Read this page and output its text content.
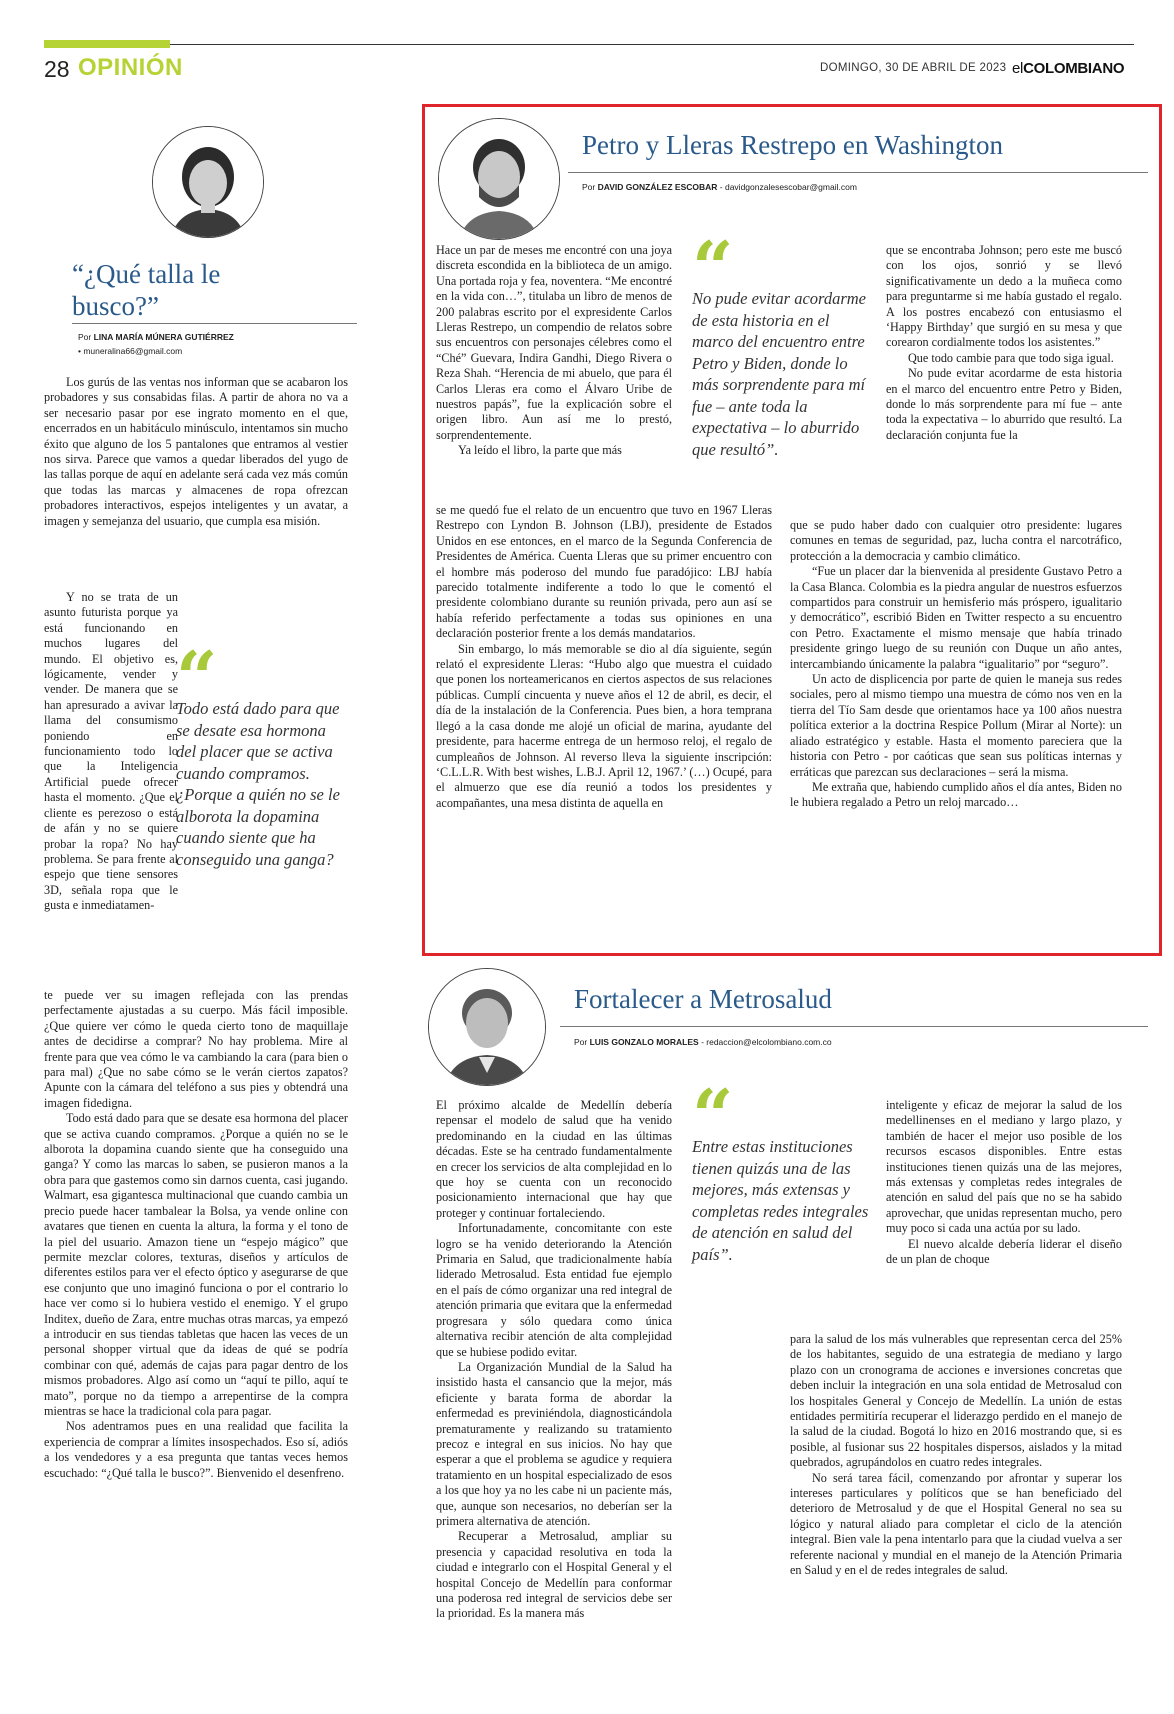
28 OPINIÓN	DOMINGO, 30 DE ABRIL DE 2023 elCOLOMBIANO
“¿Qué talla le
busco?”
Por LINA MARÍA MÚNERA GUTIÉRREZ
• muneralina66@gmail.com

Los gurús de las ventas nos informan que se acabaron los probadores y sus consabidas filas. A partir de ahora no va a ser necesario pasar por ese ingrato momento en el que, encerrados en un habitáculo minúsculo, intentamos sin mucho éxito que alguno de los 5 pantalones que entramos al vestier nos sirva. Parece que vamos a quedar liberados del yugo de las tallas porque de aquí en adelante será cada vez más común que todas las marcas y almacenes de ropa ofrezcan probadores interactivos, espejos inteligentes y un avatar, a imagen y semejanza del usuario, que cumpla esa misión.

Y no se trata de un asunto futurista porque ya está funcionando en muchos lugares del mundo. El objetivo es, lógicamente, vender y vender. De manera que se han apresurado a avivar la llama del consumismo poniendo en funcionamiento todo lo que la Inteligencia Artificial puede ofrecer hasta el momento. ¿Que el cliente es perezoso o está de afán y no se quiere probar la ropa? No hay problema. Se para frente al espejo que tiene sensores 3D, señala ropa que le gusta e inmediatamen-

“
Todo está dado para que se desate esa hormona del placer que se activa cuando compramos. ¿Porque a quién no se le alborota la dopamina cuando siente que ha conseguido una ganga?

te puede ver su imagen reflejada con las prendas perfectamente ajustadas a su cuerpo. Más fácil imposible. ¿Que quiere ver cómo le queda cierto tono de maquillaje antes de decidirse a comprar? No hay problema. Mire al frente para que vea cómo le va cambiando la cara (para bien o para mal) ¿Que no sabe cómo se le verán ciertos zapatos? Apunte con la cámara del teléfono a sus pies y obtendrá una imagen fidedigna.

Todo está dado para que se desate esa hormona del placer que se activa cuando compramos. ¿Porque a quién no se le alborota la dopamina cuando siente que ha conseguido una ganga? Y como las marcas lo saben, se pusieron manos a la obra para que gastemos como sin darnos cuenta, casi jugando. Walmart, esa gigantesca multinacional que cuando cambia un precio puede hacer tambalear la Bolsa, ya vende online con avatares que tienen en cuenta la altura, la forma y el tono de la piel del usuario. Amazon tiene un “espejo mágico” que permite mezclar colores, texturas, diseños y artículos de diferentes estilos para ver el efecto óptico y asegurarse de que ese conjunto que uno imaginó funciona o por el contrario lo hace ver como si lo hubiera vestido el enemigo. Y el grupo Inditex, dueño de Zara, entre muchas otras marcas, ya empezó a introducir en sus tiendas tabletas que hacen las veces de un personal shopper virtual que da ideas de qué se podría combinar con qué, además de cajas para pagar dentro de los mismos probadores. Algo así como un “aquí te pillo, aquí te mato”, porque no da tiempo a arrepentirse de la compra mientras se hace la tradicional cola para pagar.

Nos adentramos pues en una realidad que facilita la experiencia de comprar a límites insospechados. Eso sí, adiós a los vendedores y a esa pregunta que tantas veces hemos escuchado: “¿Qué talla le busco?”. Bienvenido el desenfreno.

Petro y Lleras Restrepo en Washington
Por DAVID GONZÁLEZ ESCOBAR - davidgonzalesescobar@gmail.com

Hace un par de meses me encontré con una joya discreta escondida en la biblioteca de un amigo. Una portada roja y fea, noventera. “Me encontré en la vida con…”, titulaba un libro de menos de 200 palabras escrito por el expresidente Carlos Lleras Restrepo, un compendio de relatos sobre sus encuentros con personajes célebres como el “Ché” Guevara, Indira Gandhi, Diego Rivera o Reza Shah. “Herencia de mi abuelo, que para él Carlos Lleras era como el Álvaro Uribe de nuestros papás”, fue la explicación sobre el origen libro. Aun así me lo prestó, sorprendentemente.

Ya leído el libro, la parte que más

“
No pude evitar acordarme de esta historia en el marco del encuentro entre Petro y Biden, donde lo más sorprendente para mí fue – ante toda la expectativa – lo aburrido que resultó”.

que se encontraba Johnson; pero este me buscó con los ojos, sonrió y se llevó significativamente un dedo a la muñeca como para preguntarme si me había gustado el regalo. A los postres encabezó con entusiasmo el ‘Happy Birthday’ que surgió en su mesa y que corearon cordialmente todos los asistentes.”

Que todo cambie para que todo siga igual.

No pude evitar acordarme de esta historia en el marco del encuentro entre Petro y Biden, donde lo más sorprendente para mí fue – ante toda la expectativa – lo aburrido que resultó. La declaración conjunta fue la

se me quedó fue el relato de un encuentro que tuvo en 1967 Lleras Restrepo con Lyndon B. Johnson (LBJ), presidente de Estados Unidos en ese entonces, en el marco de la Segunda Conferencia de Presidentes de América. Cuenta Lleras que su primer encuentro con el hombre más poderoso del mundo fue paradójico: LBJ había parecido totalmente indiferente a todo lo que le comentó el presidente colombiano durante su reunión privada, pero aun así se había referido perfectamente a todas sus opiniones en una declaración posterior frente a los demás mandatarios.

Sin embargo, lo más memorable se dio al día siguiente, según relató el expresidente Lleras: “Hubo algo que muestra el cuidado que ponen los norteamericanos en ciertos aspectos de sus relaciones públicas. Cumplí cincuenta y nueve años el 12 de abril, es decir, el día de la instalación de la Conferencia. Pues bien, a hora temprana llegó a la casa donde me alojé un oficial de marina, ayudante del presidente, para hacerme entrega de un hermoso reloj, el regalo de cumpleaños de Johnson. Al reverso lleva la siguiente inscripción: ‘C.L.L.R. With best wishes, L.B.J. April 12, 1967.’ (…) Ocupé, para el almuerzo que ese día reunió a todos los presidentes y acompañantes, una mesa distinta de aquella en

que se pudo haber dado con cualquier otro presidente: lugares comunes en temas de seguridad, paz, lucha contra el narcotráfico, protección a la democracia y cambio climático.

“Fue un placer dar la bienvenida al presidente Gustavo Petro a la Casa Blanca. Colombia es la piedra angular de nuestros esfuerzos compartidos para construir un hemisferio más próspero, igualitario y democrático”, escribió Biden en Twitter respecto a su encuentro con Petro. Exactamente el mismo mensaje que había trinado presidente gringo luego de su reunión con Duque un año antes, intercambiando únicamente la palabra “igualitario” por “seguro”.

Un acto de displicencia por parte de quien le maneja sus redes sociales, pero al mismo tiempo una muestra de cómo nos ven en la tierra del Tío Sam desde que orientamos hace ya 100 años nuestra política exterior a la doctrina Respice Pollum (Mirar al Norte): un aliado estratégico y estable. Hasta el momento pareciera que la historia con Petro - por caóticas que sean sus políticas internas y erráticas que parezcan sus declaraciones – será la misma.

Me extraña que, habiendo cumplido años el día antes, Biden no le hubiera regalado a Petro un reloj marcado…

Fortalecer a Metrosalud
Por LUIS GONZALO MORALES - redaccion@elcolombiano.com.co

El próximo alcalde de Medellín debería repensar el modelo de salud que ha venido predominando en la ciudad en las últimas décadas. Este se ha centrado fundamentalmente en crecer los servicios de alta complejidad en lo que hoy se cuenta con un reconocido posicionamiento internacional que hay que proteger y continuar fortaleciendo.

Infortunadamente, concomitante con este logro se ha venido deteriorando la Atención Primaria en Salud, que tradicionalmente había liderado Metrosalud. Esta entidad fue ejemplo en el país de cómo organizar una red integral de atención primaria que evitara que la enfermedad progresara y sólo quedara como única alternativa recibir atención de alta complejidad que se hubiese podido evitar.

La Organización Mundial de la Salud ha insistido hasta el cansancio que la mejor, más eficiente y barata forma de abordar la enfermedad es previniéndola, diagnosticándola prematuramente y realizando su tratamiento precoz e integral en sus inicios. No hay que esperar a que el problema se agudice y requiera tratamiento en un hospital especializado de esos a los que hoy ya no les cabe ni un paciente más, que, aunque son necesarios, no deberían ser la primera alternativa de atención.

Recuperar a Metrosalud, ampliar su presencia y capacidad resolutiva en toda la ciudad e integrarlo con el Hospital General y el hospital Concejo de Medellín para conformar una poderosa red integral de servicios debe ser la prioridad. Es la manera más

“
Entre estas instituciones tienen quizás una de las mejores, más extensas y completas redes integrales de atención en salud del país”.

inteligente y eficaz de mejorar la salud de los medellinenses en el mediano y largo plazo, y también de hacer el mejor uso posible de los recursos escasos disponibles. Entre estas instituciones tienen quizás una de las mejores, más extensas y completas redes integrales de atención en salud del país que no se ha sabido aprovechar, que unidas representan mucho, pero muy poco si cada una actúa por su lado.

El nuevo alcalde debería liderar el diseño de un plan de choque

para la salud de los más vulnerables que representan cerca del 25% de los habitantes, seguido de una estrategia de mediano y largo plazo con un cronograma de acciones e inversiones concretas que deben incluir la integración en una sola entidad de Metrosalud con los hospitales General y Concejo de Medellín. La unión de estas entidades permitiría recuperar el liderazgo perdido en el manejo de la salud de la ciudad. Bogotá lo hizo en 2016 mostrando que, si es posible, al fusionar sus 22 hospitales dispersos, aislados y la mitad quebrados, agrupándolos en cuatro redes integrales.

No será tarea fácil, comenzando por afrontar y superar los intereses particulares y políticos que se han beneficiado del deterioro de Metrosalud y de que el Hospital General no sea su lógico y natural aliado para completar el ciclo de la atención integral. Bien vale la pena intentarlo para que la ciudad vuelva a ser referente nacional y mundial en el manejo de la Atención Primaria en Salud y en el de redes integrales de salud.
